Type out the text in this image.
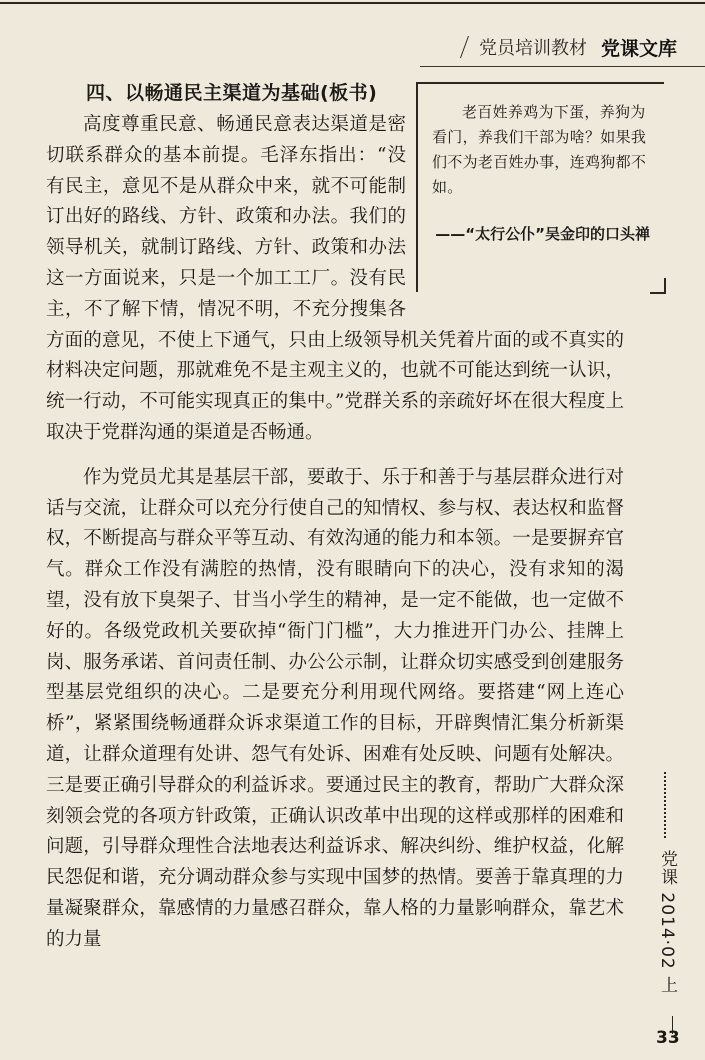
党员培训教材 党课文库
四、以畅通民主渠道为基础(板书)
老百姓养鸡为下蛋，养狗为看门，养我们干部为啥？如果我们不为老百姓办事，连鸡狗都不如。
——“太行公仆”吴金印的口头禅

高度尊重民意、畅通民意表达渠道是密切联系群众的基本前提。毛泽东指出：“没有民主，意见不是从群众中来，就不可能制订出好的路线、方针、政策和办法。我们的领导机关，就制订路线、方针、政策和办法这一方面说来，只是一个加工工厂。没有民主，不了解下情，情况不明，不充分搜集各方面的意见，不使上下通气，只由上级领导机关凭着片面的或不真实的材料决定问题，那就难免不是主观主义的，也就不可能达到统一认识，统一行动，不可能实现真正的集中。”党群关系的亲疏好坏在很大程度上取决于党群沟通的渠道是否畅通。

作为党员尤其是基层干部，要敢于、乐于和善于与基层群众进行对话与交流，让群众可以充分行使自己的知情权、参与权、表达权和监督权，不断提高与群众平等互动、有效沟通的能力和本领。一是要摒弃官气。群众工作没有满腔的热情，没有眼睛向下的决心，没有求知的渴望，没有放下臭架子、甘当小学生的精神，是一定不能做，也一定做不好的。各级党政机关要砍掉“衙门门槛”，大力推进开门办公、挂牌上岗、服务承诺、首问责任制、办公公示制，让群众切实感受到创建服务型基层党组织的决心。二是要充分利用现代网络。要搭建“网上连心桥”，紧紧围绕畅通群众诉求渠道工作的目标，开辟舆情汇集分析新渠道，让群众道理有处讲、怨气有处诉、困难有处反映、问题有处解决。三是要正确引导群众的利益诉求。要通过民主的教育，帮助广大群众深刻领会党的各项方针政策，正确认识改革中出现的这样或那样的困难和问题，引导群众理性合法地表达利益诉求、解决纠纷、维护权益，化解民怨促和谐，充分调动群众参与实现中国梦的热情。要善于靠真理的力量凝聚群众，靠感情的力量感召群众，靠人格的力量影响群众，靠艺术的力量	党课 2014·02 上
33
